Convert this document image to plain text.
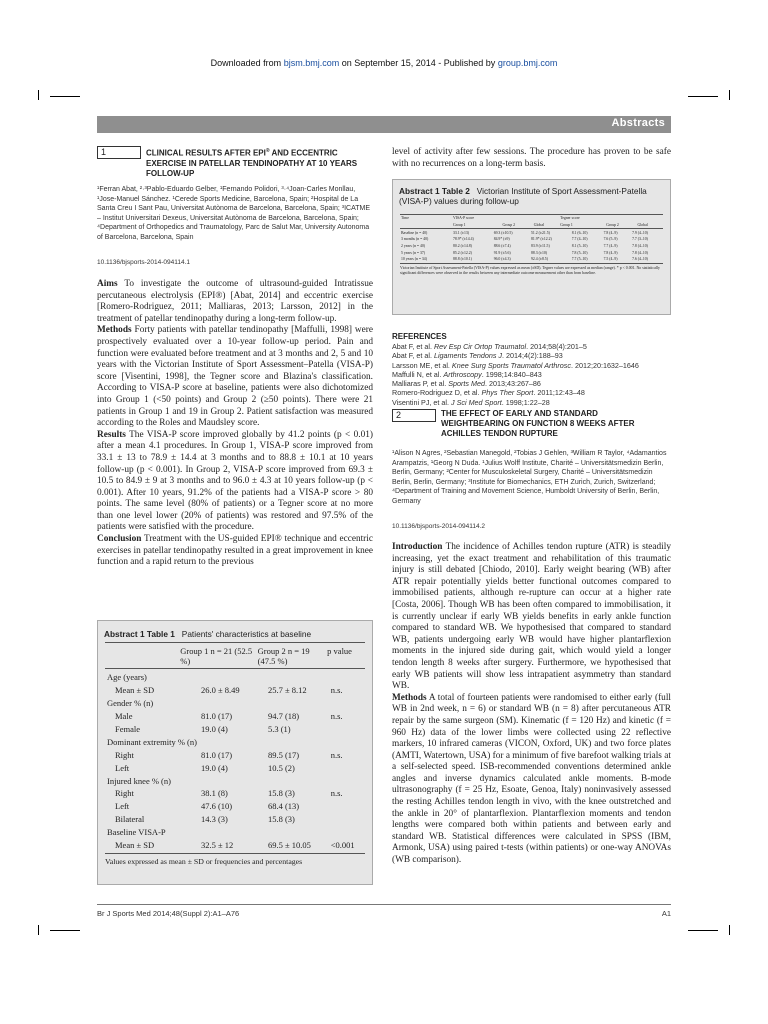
Downloaded from bjsm.bmj.com on September 15, 2014 - Published by group.bmj.com
Abstracts
1	CLINICAL RESULTS AFTER EPI® AND ECCENTRIC EXERCISE IN PATELLAR TENDINOPATHY AT 10 YEARS FOLLOW-UP
¹Ferran Abat, ²·³Pablo-Eduardo Gelber, ¹Fernando Polidori, ³·⁴Joan-Carles Monllau, ¹Jose-Manuel Sánchez. ¹Cerede Sports Medicine, Barcelona, Spain; ²Hospital de La Santa Creu I Sant Pau, Universitat Autònoma de Barcelona, Barcelona, Spain; ³ICATME – Institut Universitari Dexeus, Universitat Autònoma de Barcelona, Barcelona, Spain; ⁴Department of Orthopedics and Traumatology, Parc de Salut Mar, University Autonoma of Barcelona, Barcelona, Spain
10.1136/bjsports-2014-094114.1
Aims To investigate the outcome of ultrasound-guided Intratissue percutaneous electrolysis (EPI®) [Abat, 2014] and eccentric exercise [Romero-Rodriguez, 2011; Malliaras, 2013; Larsson, 2012] in the treatment of patellar tendinopathy during a long-term follow-up.
Methods Forty patients with patellar tendinopathy [Maffulli, 1998] were prospectively evaluated over a 10-year follow-up period. Pain and function were evaluated before treatment and at 3 months and 2, 5 and 10 years with the Victorian Institute of Sport Assessment–Patella (VISA-P) score [Visentini, 1998], the Tegner score and Blazina's classification. According to VISA-P score at baseline, patients were also dichotomized into Group 1 (<50 points) and Group 2 (≥50 points). There were 21 patients in Group 1 and 19 in Group 2. Patient satisfaction was measured according to the Roles and Maudsley score.
Results The VISA-P score improved globally by 41.2 points (p < 0.01) after a mean 4.1 procedures. In Group 1, VISA-P score improved from 33.1 ± 13 to 78.9 ± 14.4 at 3 months and to 88.8 ± 10.1 at 10 years follow-up (p < 0.001). In Group 2, VISA-P score improved from 69.3 ± 10.5 to 84.9 ± 9 at 3 months and to 96.0 ± 4.3 at 10 years follow-up (p < 0.001). After 10 years, 91.2% of the patients had a VISA-P score > 80 points. The same level (80% of patients) or a Tegner score at no more than one level lower (20% of patients) was restored and 97.5% of the patients were satisfied with the procedure.
Conclusion Treatment with the US-guided EPI® technique and eccentric exercises in patellar tendinopathy resulted in a great improvement in knee function and a rapid return to the previous
Abstract 1 Table 1 Patients' characteristics at baseline
	Group 1 n = 21 (52.5 %)	Group 2 n = 19 (47.5 %)	p value
Age (years)			
Mean ± SD	26.0 ± 8.49	25.7 ± 8.12	n.s.
Gender % (n)			
Male	81.0 (17)	94.7 (18)	n.s.
Female	19.0 (4)	5.3 (1)	
Dominant extremity % (n)			
Right	81.0 (17)	89.5 (17)	n.s.
Left	19.0 (4)	10.5 (2)	
Injured knee % (n)			
Right	38.1 (8)	15.8 (3)	n.s.
Left	47.6 (10)	68.4 (13)	
Bilateral	14.3 (3)	15.8 (3)	
Baseline VISA-P			
Mean ± SD	32.5 ± 12	69.5 ± 10.05	<0.001
Values expressed as mean ± SD or frequencies and percentages
level of activity after few sessions. The procedure has proven to be safe with no recurrences on a long-term basis.
Abstract 1 Table 2 Victorian Institute of Sport Assessment-Patella (VISA-P) values during follow-up
Time	VISA-P score			Tegner score		
	Group 1	Group 2	Global	Group 1	Group 2	Global
Baseline (n = 40)	33.1 (±13)	69.3 (±10.5)	51.2 (±21.5)	8.1 (6–10)	7.8 (4–9)	7.9 (4–10)
3 months (n = 40)	78.9* (±14.4)	84.9* (±9)	81.9* (±12.2)	7.7 (4–10)	7.6 (5–9)	7.7 (3–10)
2 years (n = 40)	80.2 (±14.8)	88.6 (±7.4)	83.9 (±11.5)	8.1 (5–10)	7.7 (4–9)	7.8 (4–10)
5 years (n = 37)	85.2 (±12.2)	91.9 (±5.6)	88.3 (±10)	7.8 (5–10)	7.8 (4–9)	7.8 (4–10)
10 years (n = 34)	88.8 (±10.1)	96.0 (±4.3)	92.4 (±8.5)	7.7 (5–10)	7.5 (4–9)	7.6 (4–10)
Victorian Institute of Sport Assessment-Patella (VISA-P) values expressed as mean (±SD). Tegner values are expressed as median (range). * p < 0.001. No statistically significant differences were observed in the results between any intermediate outcome measurement other than from baseline.
REFERENCES
Abat F, et al. Rev Esp Cir Ortop Traumatol. 2014;58(4):201–5
Abat F, et al. Ligaments Tendons J. 2014;4(2):188–93
Larsson ME, et al. Knee Surg Sports Traumatol Arthrosc. 2012;20:1632–1646
Maffulli N, et al. Arthroscopy. 1998;14:840–843
Malliaras P, et al. Sports Med. 2013;43:267–86
Romero-Rodriguez D, et al. Phys Ther Sport. 2011;12:43–48
Visentini PJ, et al. J Sci Med Sport. 1998;1:22–28
2	THE EFFECT OF EARLY AND STANDARD WEIGHTBEARING ON FUNCTION 8 WEEKS AFTER ACHILLES TENDON RUPTURE
¹Alison N Agres, ²Sebastian Manegold, ²Tobias J Gehlen, ³William R Taylor, ⁴Adamantios Arampatzis, ¹Georg N Duda. ¹Julius Wolff Institute, Charité – Universitätsmedizin Berlin, Berlin, Germany; ²Center for Musculoskeletal Surgery, Charité – Universitätsmedizin Berlin, Berlin, Germany; ³Institute for Biomechanics, ETH Zurich, Zurich, Switzerland; ⁴Department of Training and Movement Science, Humboldt University of Berlin, Berlin, Germany
10.1136/bjsports-2014-094114.2
Introduction The incidence of Achilles tendon rupture (ATR) is steadily increasing, yet the exact treatment and rehabilitation of this traumatic injury is still debated [Chiodo, 2010]. Early weight bearing (WB) after ATR repair potentially yields better functional outcomes compared to immobilised patients, although re-rupture can occur at a higher rate [Costa, 2006]. Though WB has been often compared to immobilisation, it is currently unclear if early WB yields benefits in early ankle function compared to standard WB. We hypothesised that compared to standard WB, patients undergoing early WB would have higher plantarflexion moments in the injured side during gait, which would yield a longer tendon length 8 weeks after surgery. Furthermore, we hypothesised that early WB patients will show less intrapatient asymmetry than standard WB.
Methods A total of fourteen patients were randomised to either early (full WB in 2nd week, n = 6) or standard WB (n = 8) after percutaneous ATR repair by the same surgeon (SM). Kinematic (f = 120 Hz) and kinetic (f = 960 Hz) data of the lower limbs were collected using 22 reflective markers, 10 infrared cameras (VICON, Oxford, UK) and two force plates (AMTI, Watertown, USA) for a minimum of five barefoot walking trials at a self-selected speed. ISB-recommended conventions determined ankle angles and inverse dynamics calculated ankle moments. B-mode ultrasonography (f = 25 Hz, Esoate, Genoa, Italy) noninvasively assessed the resting Achilles tendon length in vivo, with the knee outstretched and the ankle in 20° of plantarflexion. Plantarflexion moments and tendon lengths were compared both within patients and between early and standard WB. Statistical differences were calculated in SPSS (IBM, Armonk, USA) using paired t-tests (within patients) or one-way ANOVAs (WB comparison).
Br J Sports Med 2014;48(Suppl 2):A1–A76	A1
